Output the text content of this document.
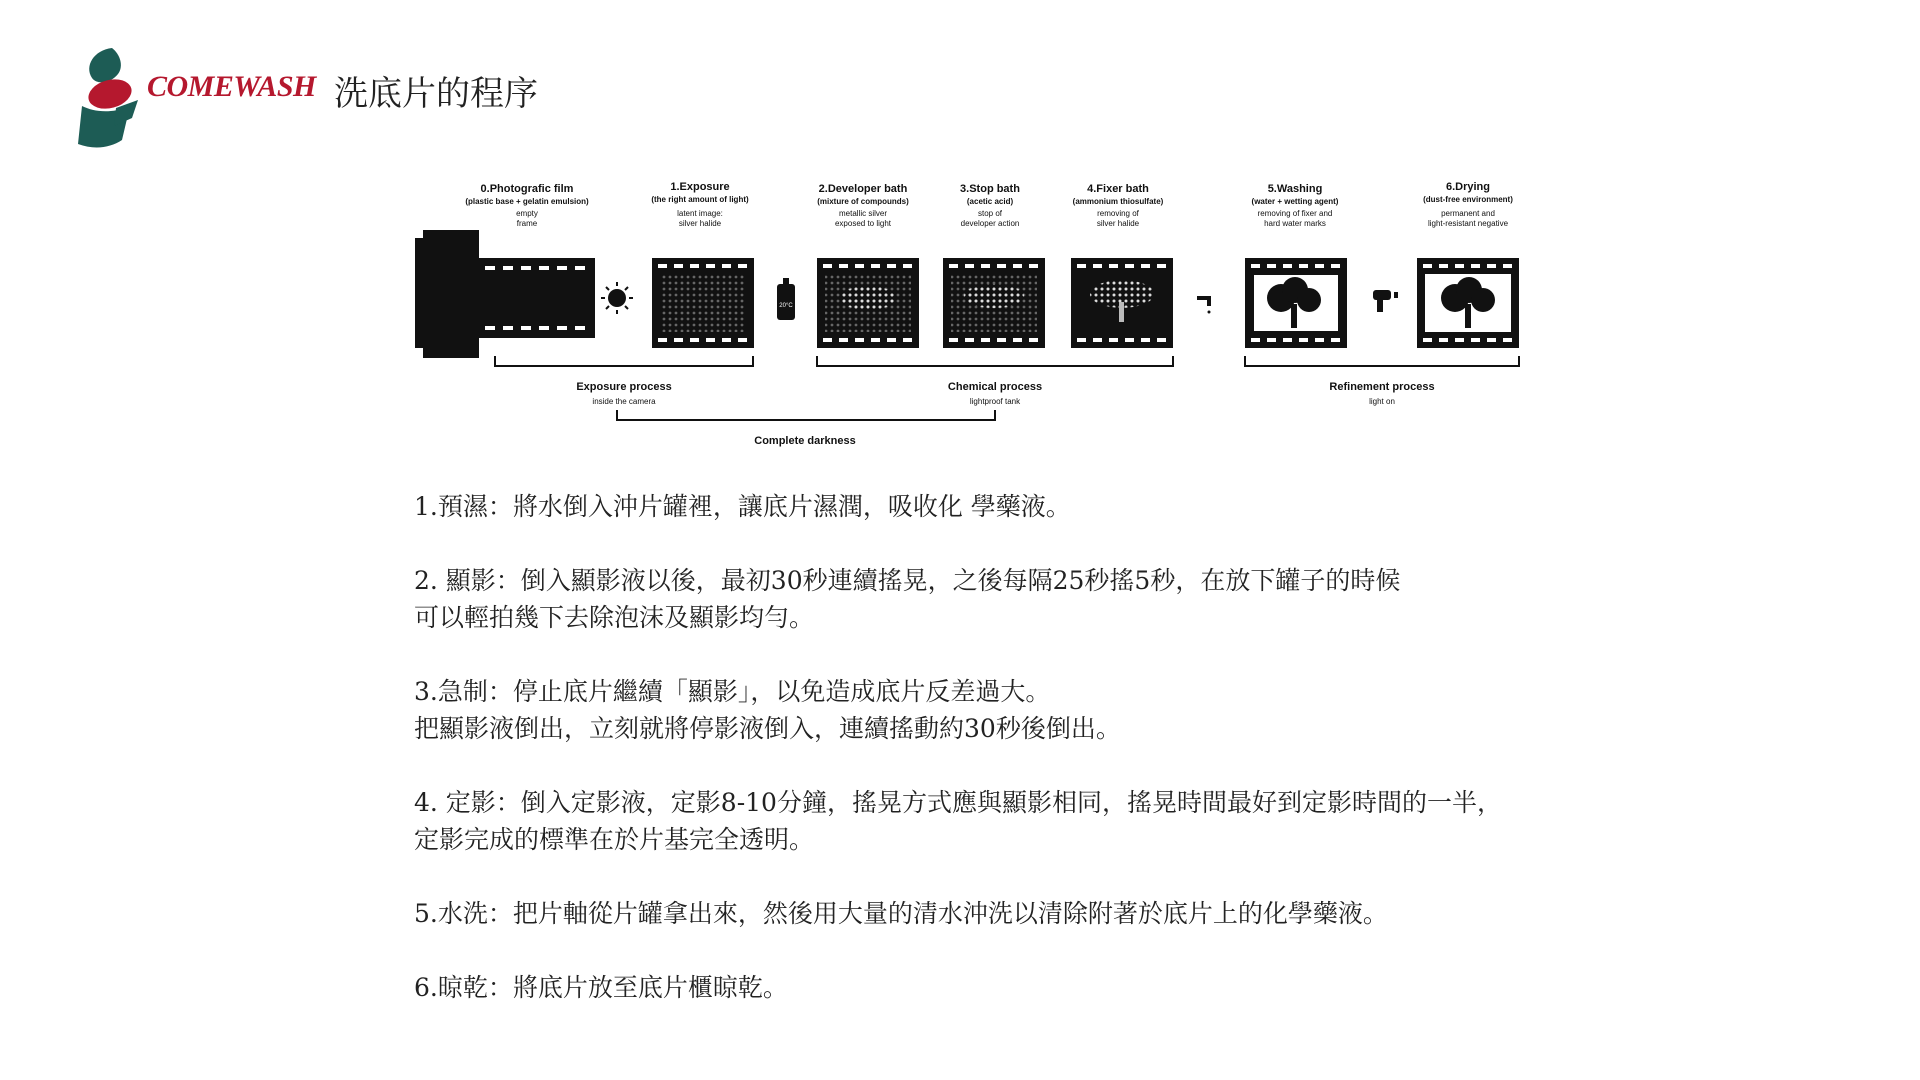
COMEWASH 洗底片的程序
0.Photografic film
(plastic base + gelatin emulsion)
empty
frame
1.Exposure
(the right amount of light)
latent image:
silver halide
2.Developer bath
(mixture of compounds)
metallic silver
exposed to light
3.Stop bath
(acetic acid)
stop of
developer action
4.Fixer bath
(ammonium thiosulfate)
removing of
silver halide
5.Washing
(water + wetting agent)
removing of fixer and
hard water marks
6.Drying
(dust-free environment)
permanent and
light-resistant negative
20°C
Exposure process
inside the camera
Chemical process
lightproof tank
Refinement process
light on
Complete darkness

1.預濕：將水倒入沖片罐裡，讓底片濕潤，吸收化 學藥液。

2. 顯影：倒入顯影液以後，最初30秒連續搖晃，之後每隔25秒搖5秒，在放下罐子的時候

可以輕拍幾下去除泡沫及顯影均勻。

3.急制：停止底片繼續「顯影」，以免造成底片反差過大。

把顯影液倒出，立刻就將停影液倒入，連續搖動約30秒後倒出。

4. 定影：倒入定影液，定影8-10分鐘，搖晃方式應與顯影相同，搖晃時間最好到定影時間的一半，

定影完成的標準在於片基完全透明。

5.水洗：把片軸從片罐拿出來，然後用大量的清水沖洗以清除附著於底片上的化學藥液。

6.晾乾：將底片放至底片櫃晾乾。
